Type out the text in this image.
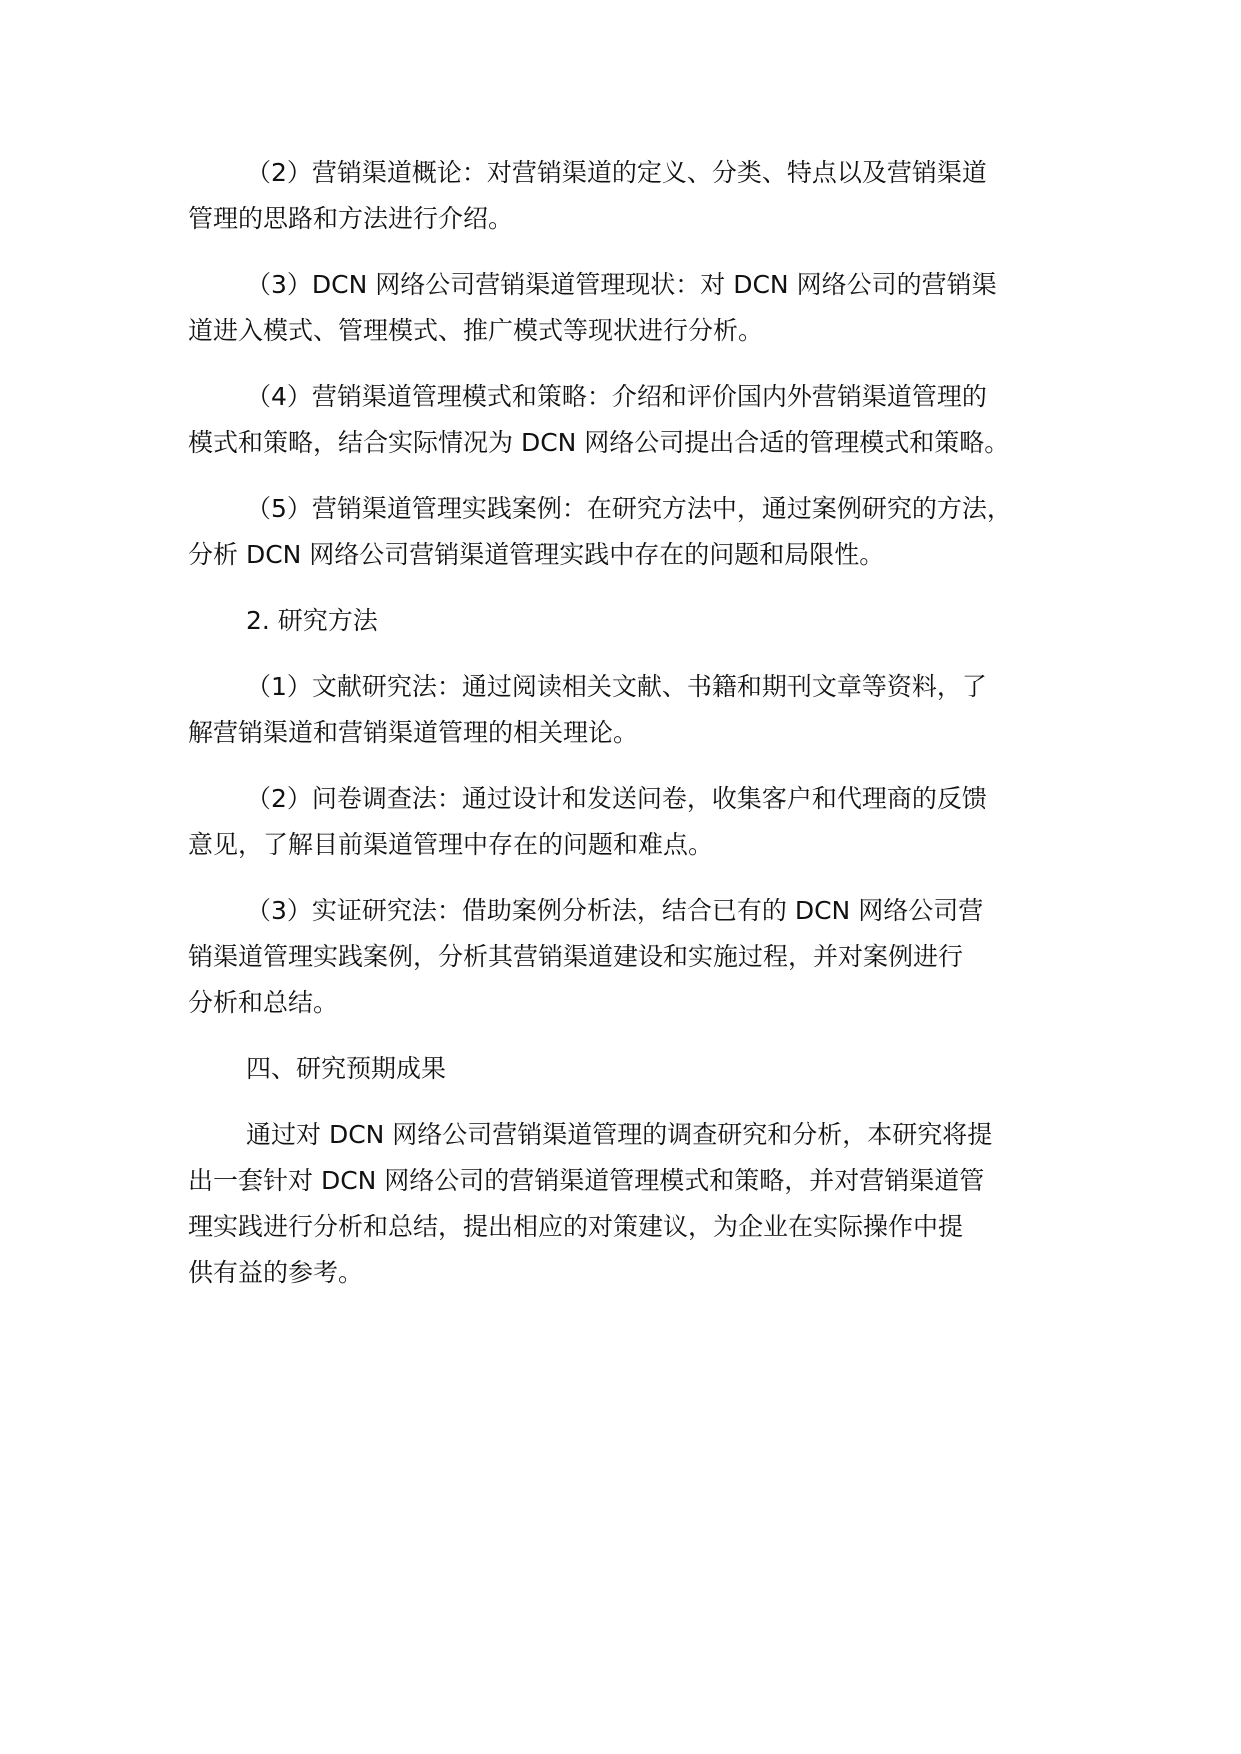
（2）营销渠道概论：对营销渠道的定义、分类、特点以及营销渠道
管理的思路和方法进行介绍。

（3）DCN 网络公司营销渠道管理现状：对 DCN 网络公司的营销渠
道进入模式、管理模式、推广模式等现状进行分析。

（4）营销渠道管理模式和策略：介绍和评价国内外营销渠道管理的
模式和策略，结合实际情况为 DCN 网络公司提出合适的管理模式和策略。

（5）营销渠道管理实践案例：在研究方法中，通过案例研究的方法，
分析 DCN 网络公司营销渠道管理实践中存在的问题和局限性。

2. 研究方法

（1）文献研究法：通过阅读相关文献、书籍和期刊文章等资料，了
解营销渠道和营销渠道管理的相关理论。

（2）问卷调查法：通过设计和发送问卷，收集客户和代理商的反馈
意见，了解目前渠道管理中存在的问题和难点。

（3）实证研究法：借助案例分析法，结合已有的 DCN 网络公司营
销渠道管理实践案例，分析其营销渠道建设和实施过程，并对案例进行
分析和总结。

四、研究预期成果

通过对 DCN 网络公司营销渠道管理的调查研究和分析，本研究将提
出一套针对 DCN 网络公司的营销渠道管理模式和策略，并对营销渠道管
理实践进行分析和总结，提出相应的对策建议，为企业在实际操作中提
供有益的参考。
